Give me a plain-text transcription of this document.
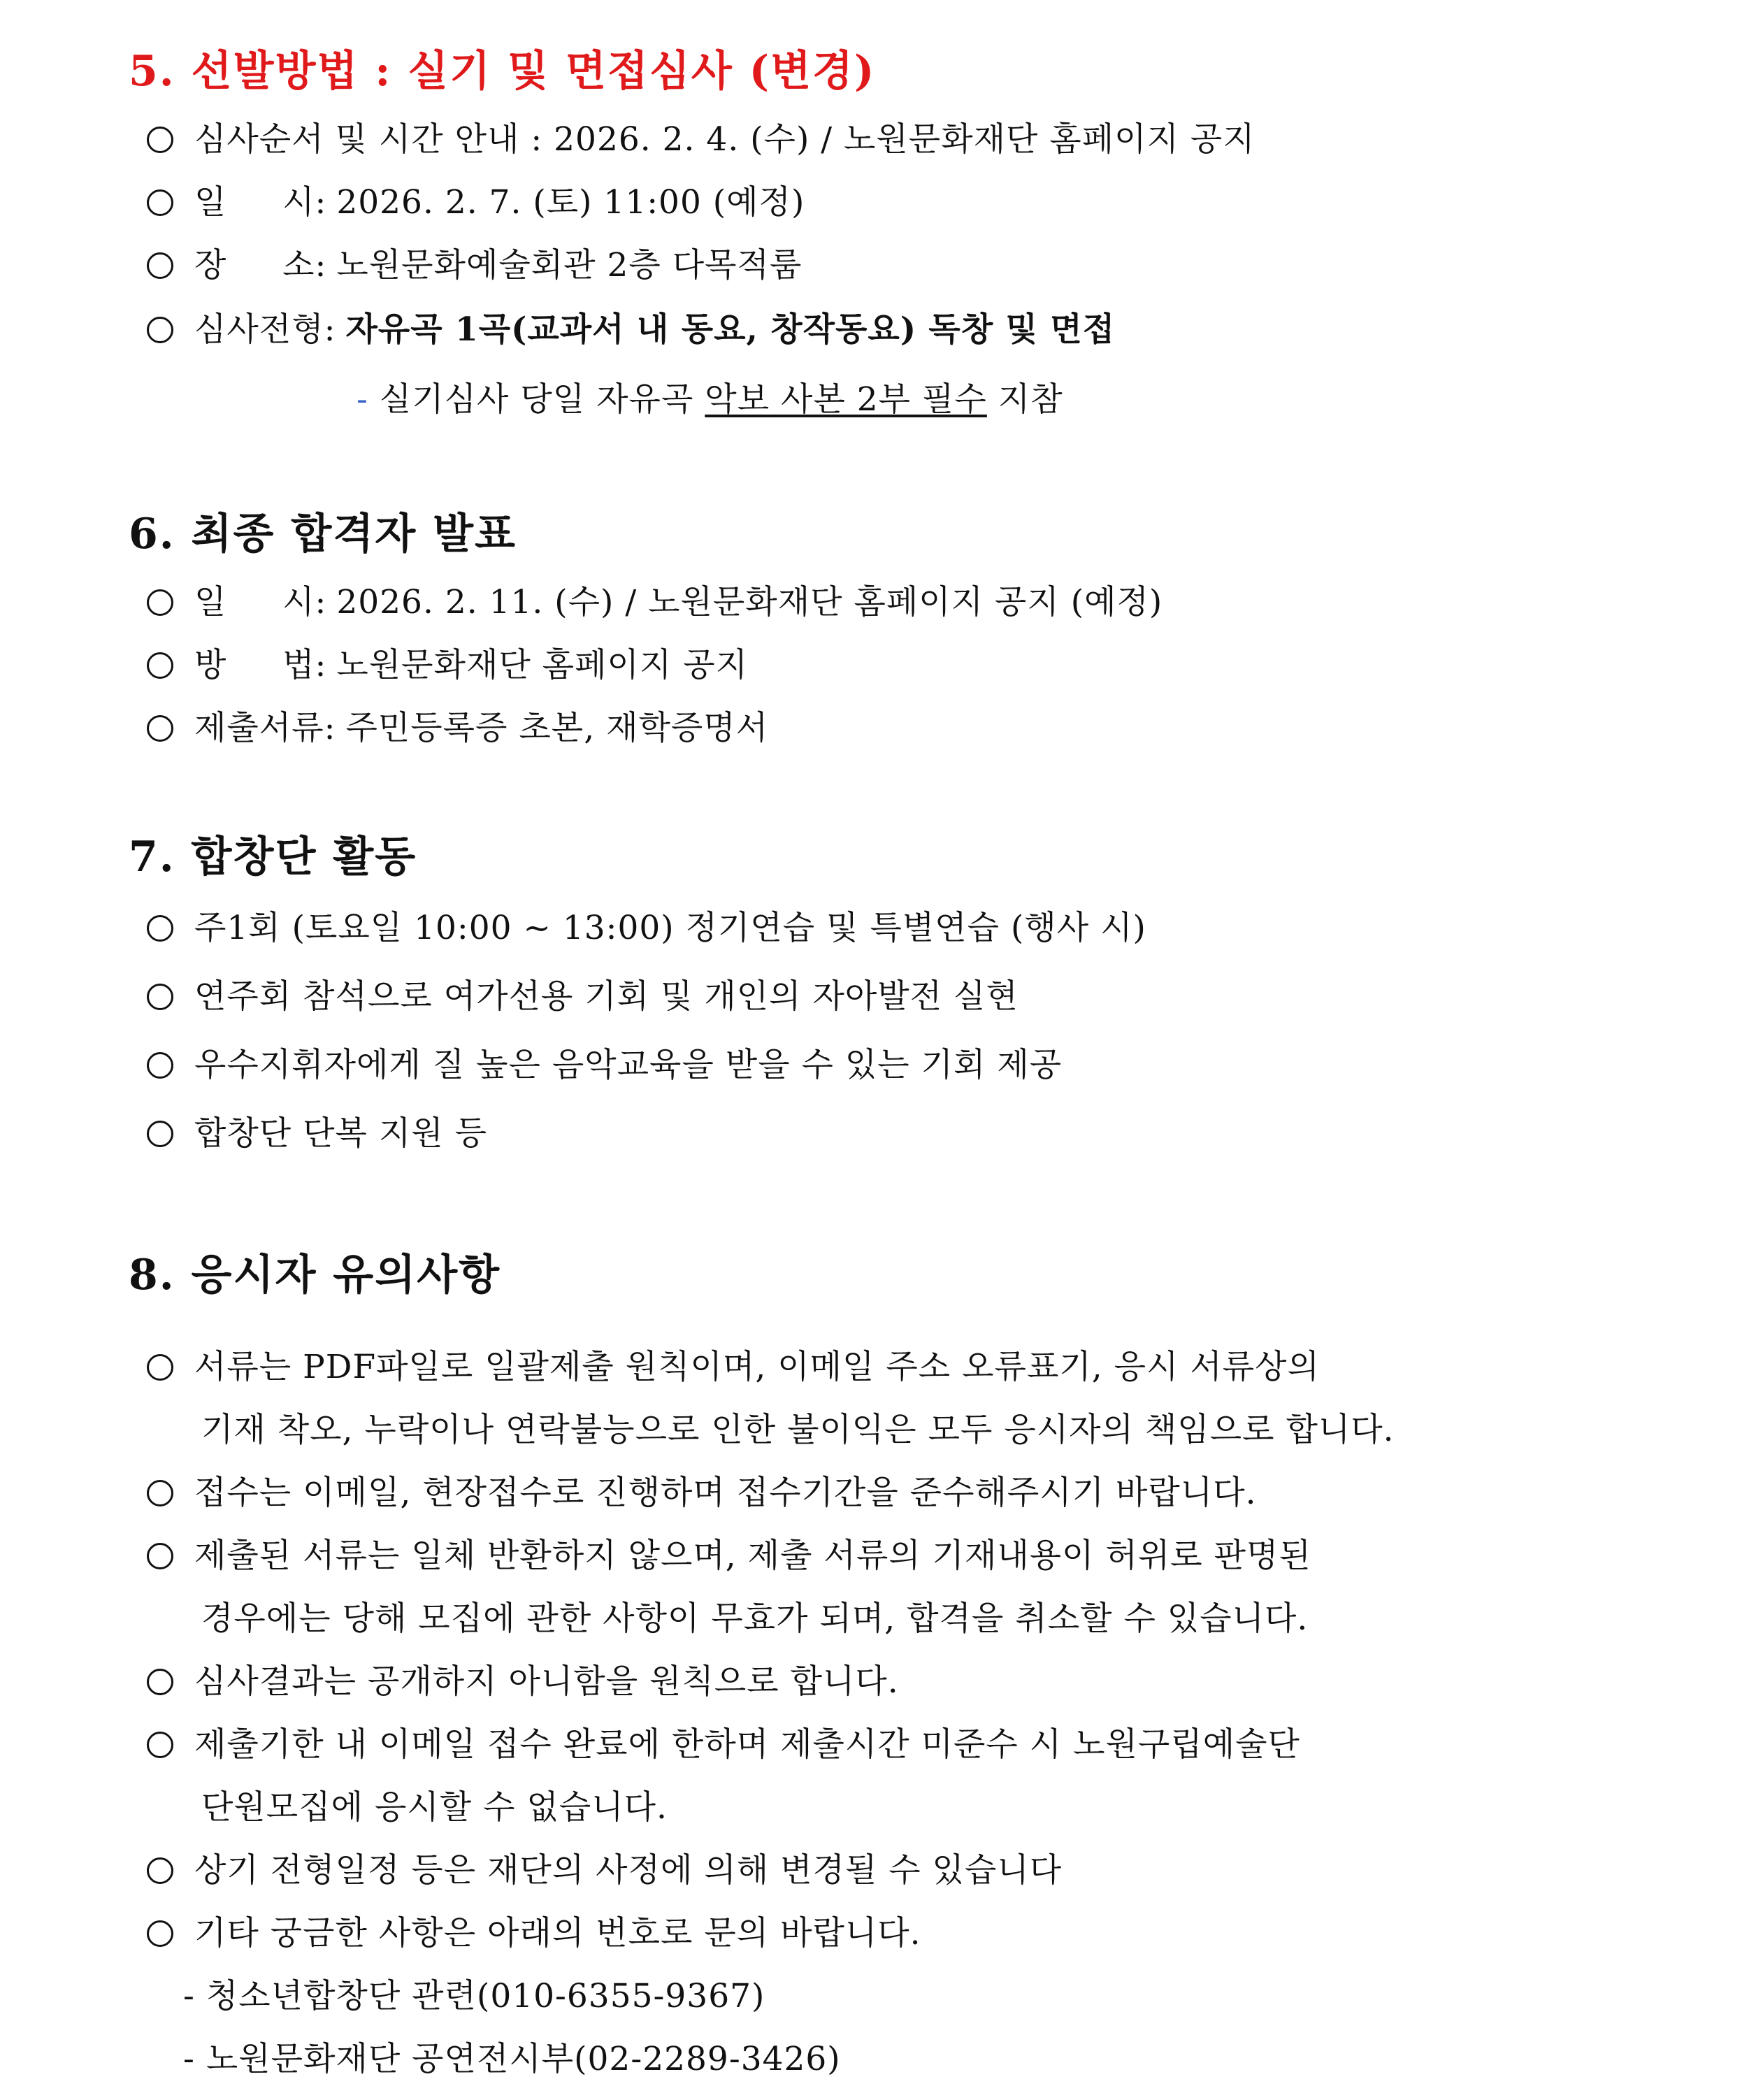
5. 선발방법 : 실기 및 면접심사 (변경)

심사순서 및 시간 안내 : 2026. 2. 4. (수) / 노원문화재단 홈페이지 공지

일     시: 2026. 2. 7. (토) 11:00 (예정)

장     소: 노원문화예술회관 2층 다목적룸

심사전형: 자유곡 1곡(교과서 내 동요, 창작동요) 독창 및 면접

- 실기심사 당일 자유곡 악보 사본 2부 필수 지참

6. 최종 합격자 발표

일     시: 2026. 2. 11. (수) / 노원문화재단 홈페이지 공지 (예정)

방     법: 노원문화재단 홈페이지 공지

제출서류: 주민등록증 초본, 재학증명서

7. 합창단 활동

주1회 (토요일 10:00 ~ 13:00) 정기연습 및 특별연습 (행사 시)

연주회 참석으로 여가선용 기회 및 개인의 자아발전 실현

우수지휘자에게 질 높은 음악교육을 받을 수 있는 기회 제공

합창단 단복 지원 등

8. 응시자 유의사항

서류는 PDF파일로 일괄제출 원칙이며, 이메일 주소 오류표기, 응시 서류상의

기재 착오, 누락이나 연락불능으로 인한 불이익은 모두 응시자의 책임으로 합니다.

접수는 이메일, 현장접수로 진행하며 접수기간을 준수해주시기 바랍니다.

제출된 서류는 일체 반환하지 않으며, 제출 서류의 기재내용이 허위로 판명된

경우에는 당해 모집에 관한 사항이 무효가 되며, 합격을 취소할 수 있습니다.

심사결과는 공개하지 아니함을 원칙으로 합니다.

제출기한 내 이메일 접수 완료에 한하며 제출시간 미준수 시 노원구립예술단

단원모집에 응시할 수 없습니다.

상기 전형일정 등은 재단의 사정에 의해 변경될 수 있습니다

기타 궁금한 사항은 아래의 번호로 문의 바랍니다.

- 청소년합창단 관련(010-6355-9367)

- 노원문화재단 공연전시부(02-2289-3426)
